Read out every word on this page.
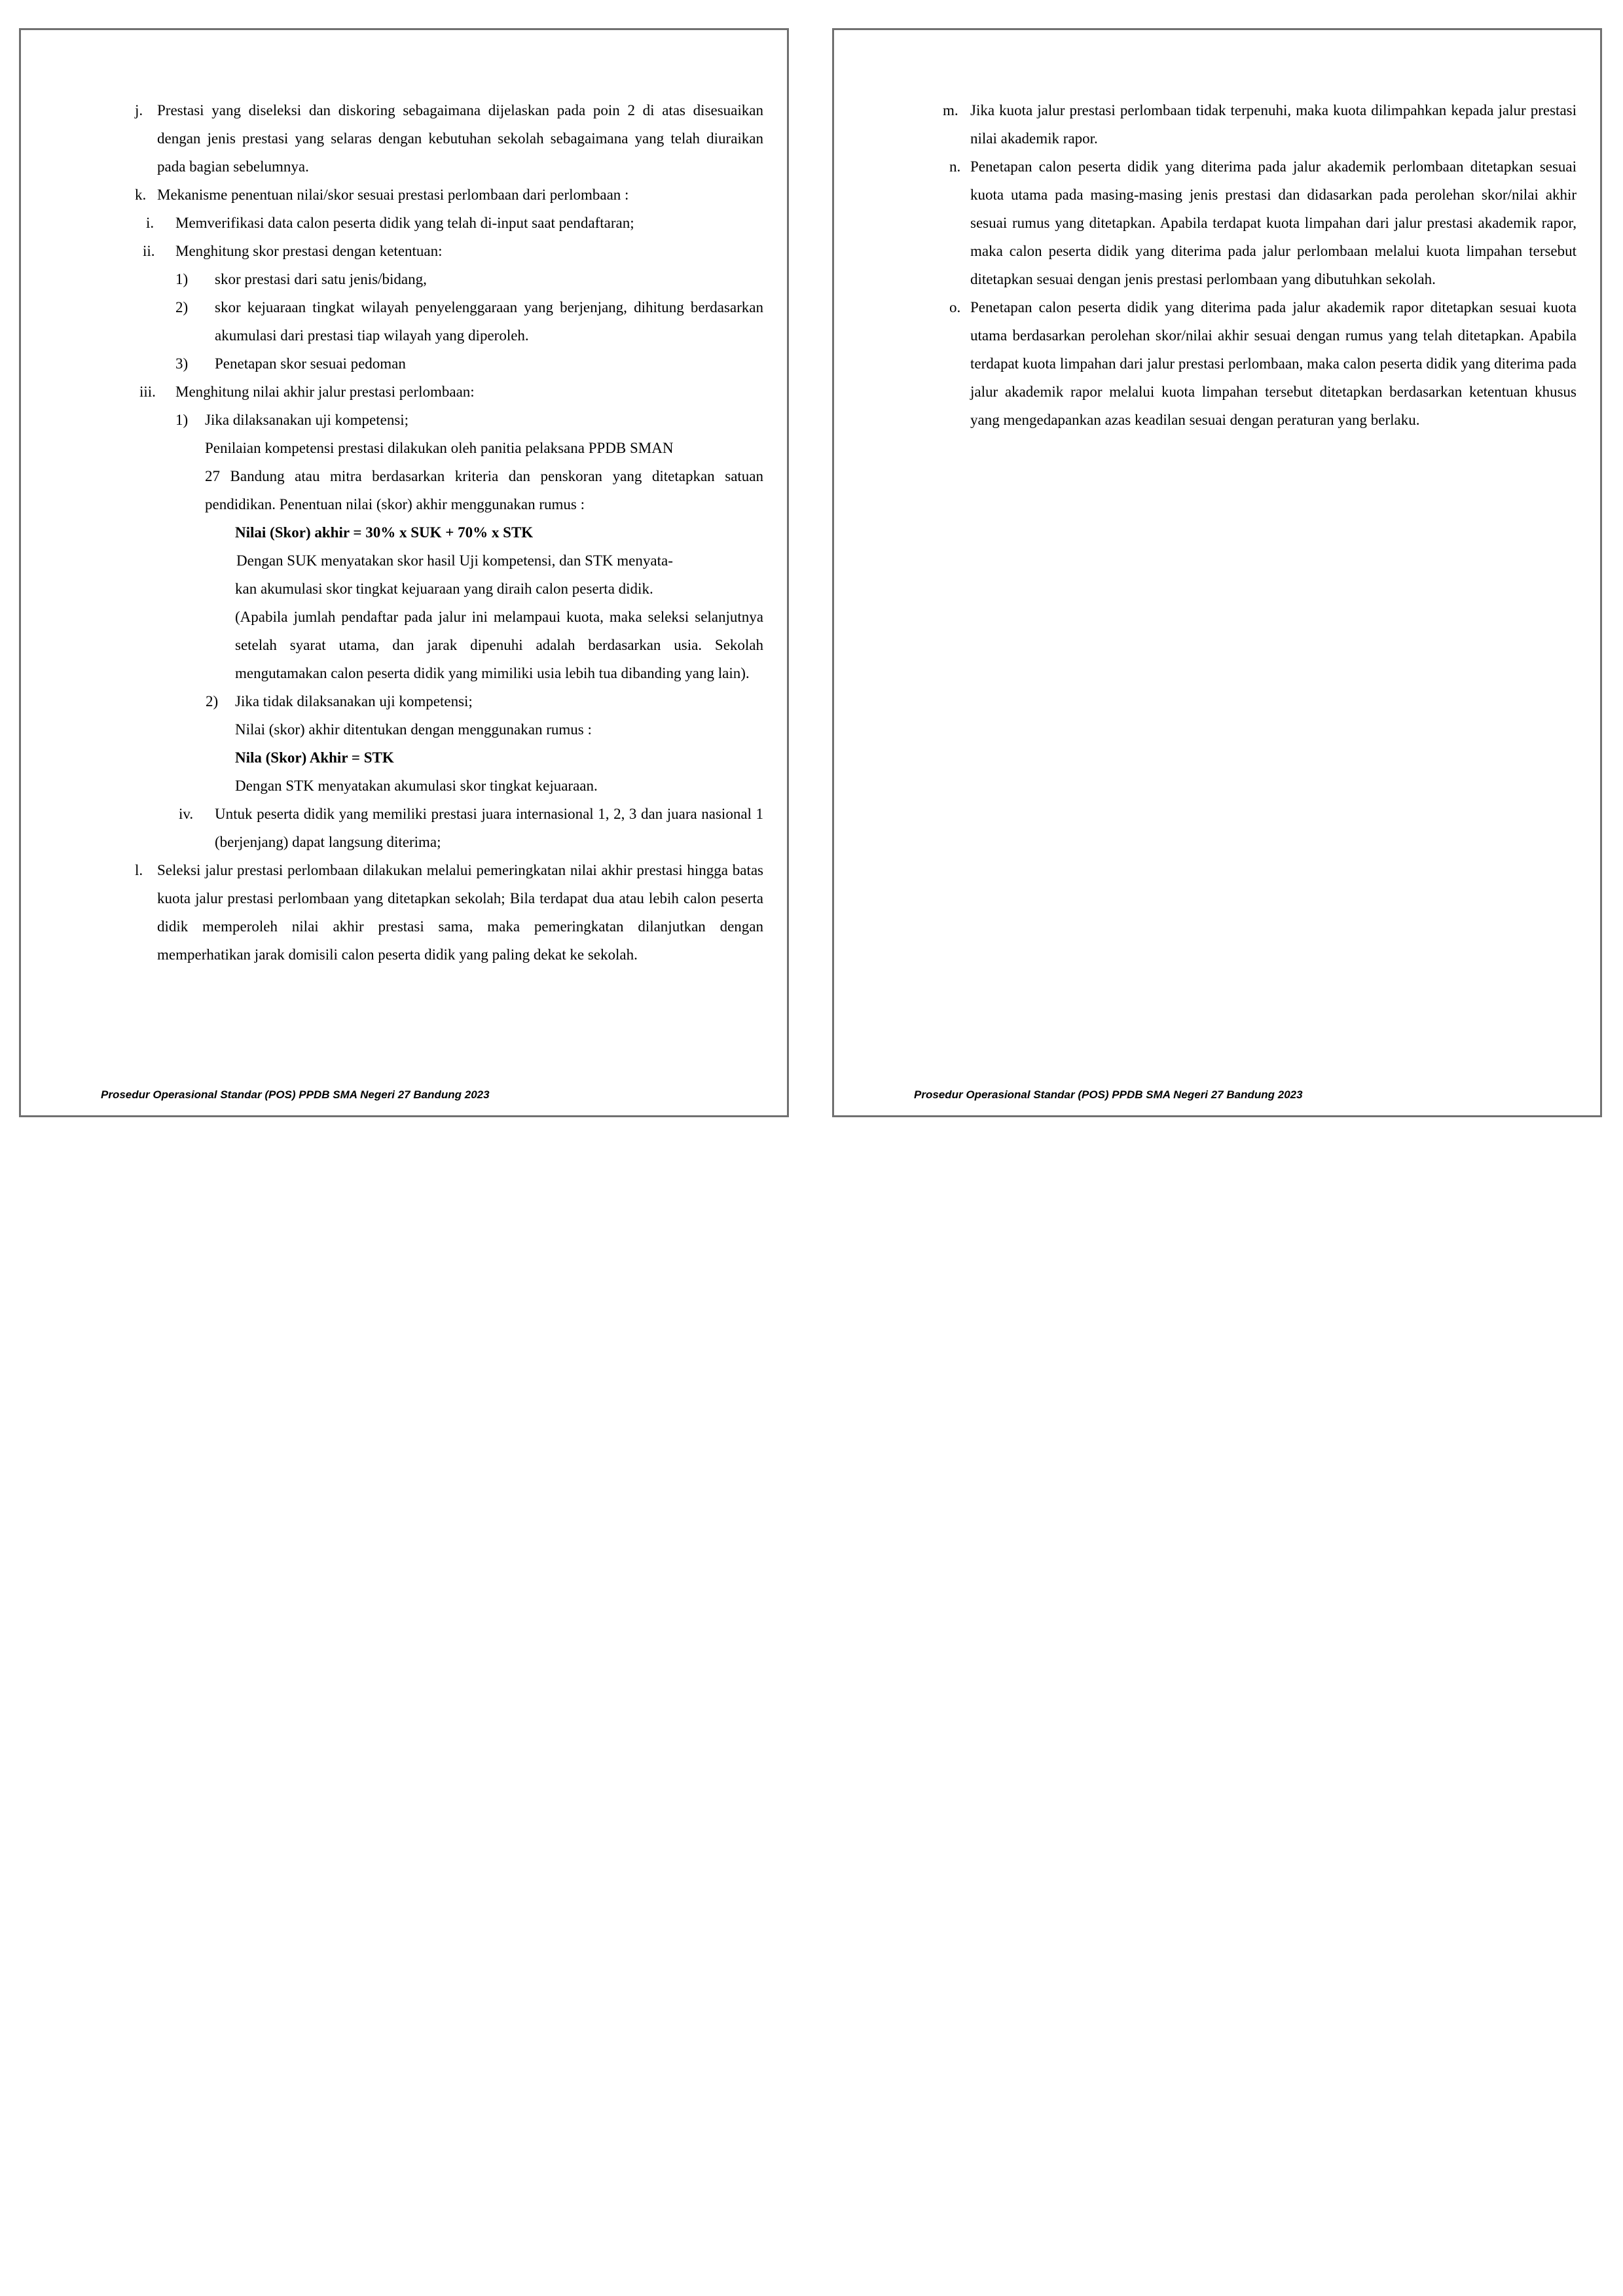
j. Prestasi yang diseleksi dan diskoring sebagaimana dijelaskan pada poin 2 di atas disesuaikan dengan jenis prestasi yang selaras dengan kebutuhan sekolah sebagaimana yang telah diuraikan pada bagian sebelumnya.
k. Mekanisme penentuan nilai/skor sesuai prestasi perlombaan dari perlombaan :
i. Memverifikasi data calon peserta didik yang telah di-input saat pendaftaran;
ii. Menghitung skor prestasi dengan ketentuan:
1) skor prestasi dari satu jenis/bidang,
2) skor kejuaraan tingkat wilayah penyelenggaraan yang berjenjang, dihitung berdasarkan akumulasi dari prestasi tiap wilayah yang diperoleh.
3) Penetapan skor sesuai pedoman
iii. Menghitung nilai akhir jalur prestasi perlombaan:
1) Jika dilaksanakan uji kompetensi;
Penilaian kompetensi prestasi dilakukan oleh panitia pelaksana PPDB SMAN
27 Bandung atau mitra berdasarkan kriteria dan penskoran yang ditetapkan satuan
pendidikan. Penentuan nilai (skor) akhir menggunakan rumus :
Nilai (Skor) akhir = 30% x SUK + 70% x STK
Dengan SUK menyatakan skor hasil Uji kompetensi, dan STK menyata-
kan akumulasi skor tingkat kejuaraan yang diraih calon peserta didik.
(Apabila jumlah pendaftar pada jalur ini melampaui kuota, maka seleksi selanjutnya setelah syarat utama, dan jarak dipenuhi adalah berdasarkan usia. Sekolah mengutamakan calon peserta didik yang mimiliki usia lebih tua dibanding yang lain).
2) Jika tidak dilaksanakan uji kompetensi;
Nilai (skor) akhir ditentukan dengan menggunakan rumus :
Nila (Skor) Akhir = STK
Dengan STK menyatakan akumulasi skor tingkat kejuaraan.
iv. Untuk peserta didik yang memiliki prestasi juara internasional 1, 2, 3 dan juara nasional 1 (berjenjang) dapat langsung diterima;
l. Seleksi jalur prestasi perlombaan dilakukan melalui pemeringkatan nilai akhir prestasi hingga batas kuota jalur prestasi perlombaan yang ditetapkan sekolah; Bila terdapat dua atau lebih calon peserta didik memperoleh nilai akhir prestasi sama, maka pemeringkatan dilanjutkan dengan memperhatikan jarak domisili calon peserta didik yang paling dekat ke sekolah.
Prosedur Operasional Standar (POS) PPDB SMA Negeri 27 Bandung 2023
m. Jika kuota jalur prestasi perlombaan tidak terpenuhi, maka kuota dilimpahkan kepada jalur prestasi nilai akademik rapor.
n. Penetapan calon peserta didik yang diterima pada jalur akademik perlombaan ditetapkan sesuai kuota utama pada masing-masing jenis prestasi dan didasarkan pada perolehan skor/nilai akhir sesuai rumus yang ditetapkan. Apabila terdapat kuota limpahan dari jalur prestasi akademik rapor, maka calon peserta didik yang diterima pada jalur perlombaan melalui kuota limpahan tersebut ditetapkan sesuai dengan jenis prestasi perlombaan yang dibutuhkan sekolah.
o. Penetapan calon peserta didik yang diterima pada jalur akademik rapor ditetapkan sesuai kuota utama berdasarkan perolehan skor/nilai akhir sesuai dengan rumus yang telah ditetapkan. Apabila terdapat kuota limpahan dari jalur prestasi perlombaan, maka calon peserta didik yang diterima pada jalur akademik rapor melalui kuota limpahan tersebut ditetapkan berdasarkan ketentuan khusus yang mengedapankan azas keadilan sesuai dengan peraturan yang berlaku.
Prosedur Operasional Standar (POS) PPDB SMA Negeri 27 Bandung 2023
